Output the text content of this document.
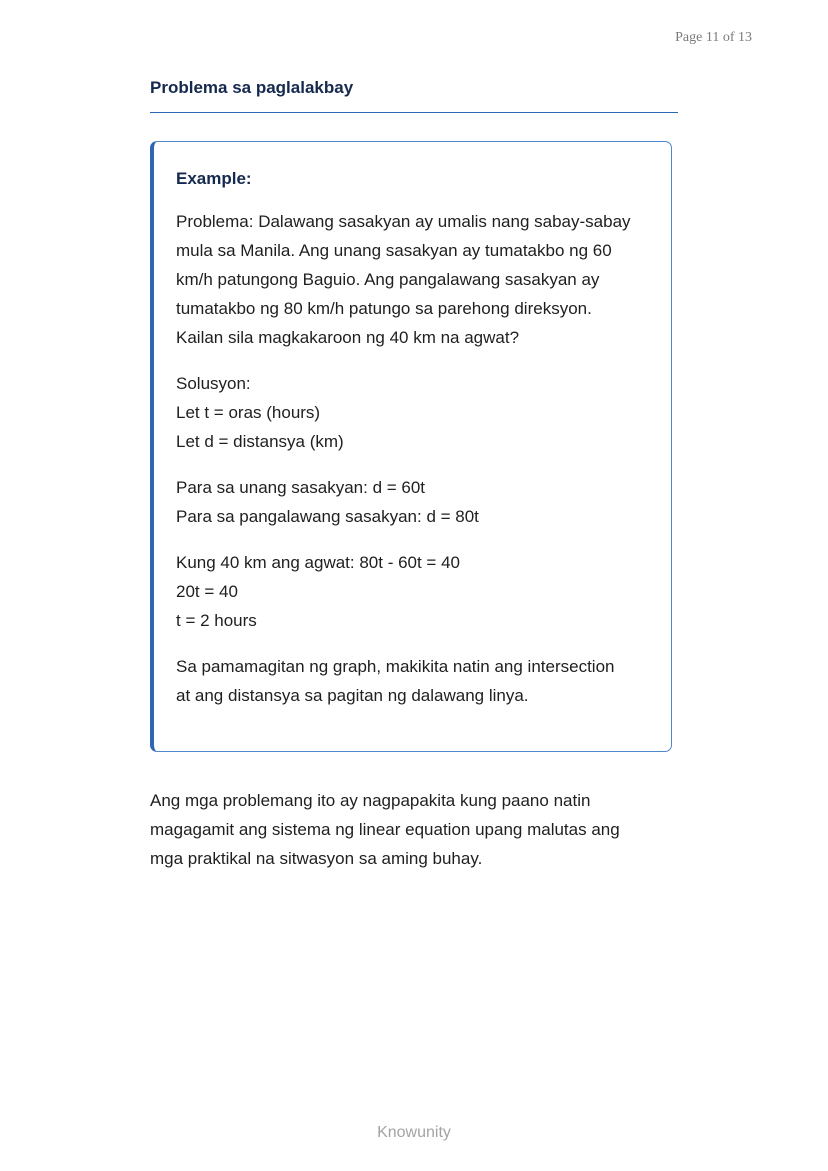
Page 11 of 13
Problema sa paglalakbay
Example:

Problema: Dalawang sasakyan ay umalis nang sabay-sabay
mula sa Manila. Ang unang sasakyan ay tumatakbo ng 60
km/h patungong Baguio. Ang pangalawang sasakyan ay
tumatakbo ng 80 km/h patungo sa parehong direksyon.
Kailan sila magkakaroon ng 40 km na agwat?

Solusyon:
Let t = oras (hours)
Let d = distansya (km)

Para sa unang sasakyan: d = 60t
Para sa pangalawang sasakyan: d = 80t

Kung 40 km ang agwat: 80t - 60t = 40
20t = 40
t = 2 hours

Sa pamamagitan ng graph, makikita natin ang intersection
at ang distansya sa pagitan ng dalawang linya.

Ang mga problemang ito ay nagpapakita kung paano natin
magagamit ang sistema ng linear equation upang malutas ang
mga praktikal na sitwasyon sa aming buhay.

Knowunity
